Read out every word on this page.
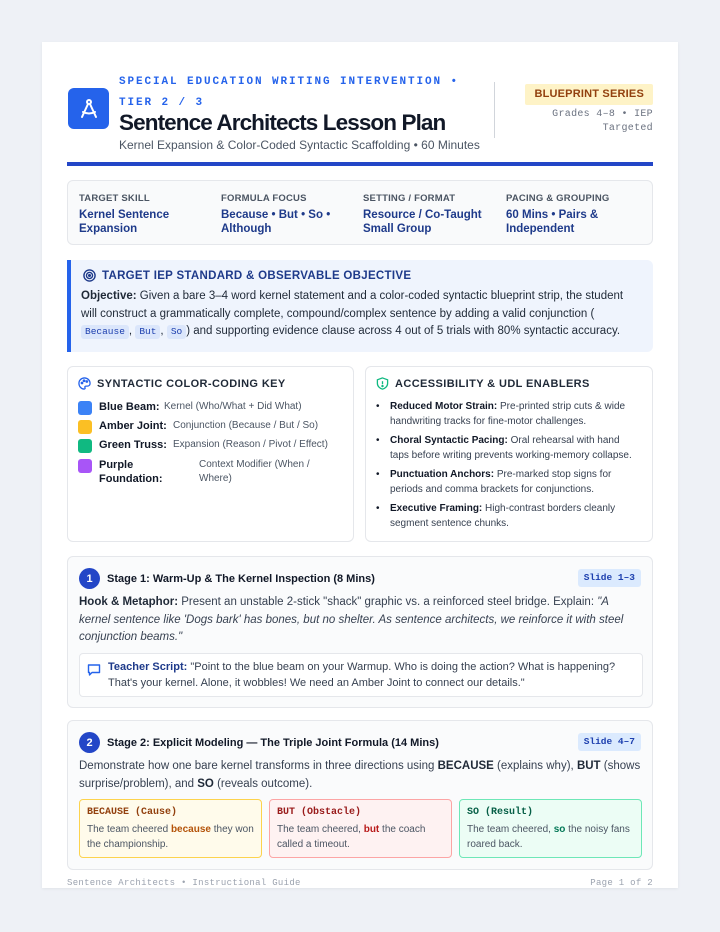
SPECIAL EDUCATION WRITING INTERVENTION • TIER 2 / 3
Sentence Architects Lesson Plan
Kernel Expansion & Color-Coded Syntactic Scaffolding • 60 Minutes
BLUEPRINT SERIES
Grades 4–8 • IEP
Targeted
TARGET SKILL
Kernel Sentence Expansion
FORMULA FOCUS
Because • But • So • Although
SETTING / FORMAT
Resource / Co-Taught Small Group
PACING & GROUPING
60 Mins • Pairs & Independent
TARGET IEP STANDARD & OBSERVABLE OBJECTIVE
Objective: Given a bare 3–4 word kernel statement and a color-coded syntactic blueprint strip, the student will construct a grammatically complete, compound/complex sentence by adding a valid conjunction (Because , But , So ) and supporting evidence clause across 4 out of 5 trials with 80% syntactic accuracy.
SYNTACTIC COLOR-CODING KEY
Blue Beam: Kernel (Who/What + Did What)
Amber Joint: Conjunction (Because / But / So)
Green Truss: Expansion (Reason / Pivot / Effect)
Purple Foundation:
Context Modifier (When / Where)
ACCESSIBILITY & UDL ENABLERS
• Reduced Motor Strain: Pre-printed strip cuts & wide handwriting tracks for fine-motor challenges.
• Choral Syntactic Pacing: Oral rehearsal with hand taps before writing prevents working-memory collapse.
• Punctuation Anchors: Pre-marked stop signs for periods and comma brackets for conjunctions.
• Executive Framing: High-contrast borders cleanly segment sentence chunks.
1	Stage 1: Warm-Up & The Kernel Inspection (8 Mins)	Slide 1–3
Hook & Metaphor: Present an unstable 2-stick "shack" graphic vs. a reinforced steel bridge. Explain: "A kernel sentence like 'Dogs bark' has bones, but no shelter. As sentence architects, we reinforce it with steel conjunction beams."
Teacher Script: "Point to the blue beam on your Warmup. Who is doing the action? What is happening? That's your kernel. Alone, it wobbles! We need an Amber Joint to connect our details."
2	Stage 2: Explicit Modeling — The Triple Joint Formula (14 Mins)	Slide 4–7
Demonstrate how one bare kernel transforms in three directions using BECAUSE (explains why), BUT (shows surprise/problem), and SO (reveals outcome).
BECAUSE (Cause)
The team cheered because they won the championship.
BUT (Obstacle)
The team cheered, but the coach called a timeout.
SO (Result)
The team cheered, so the noisy fans roared back.
Sentence Architects • Instructional Guide	Page 1 of 2
